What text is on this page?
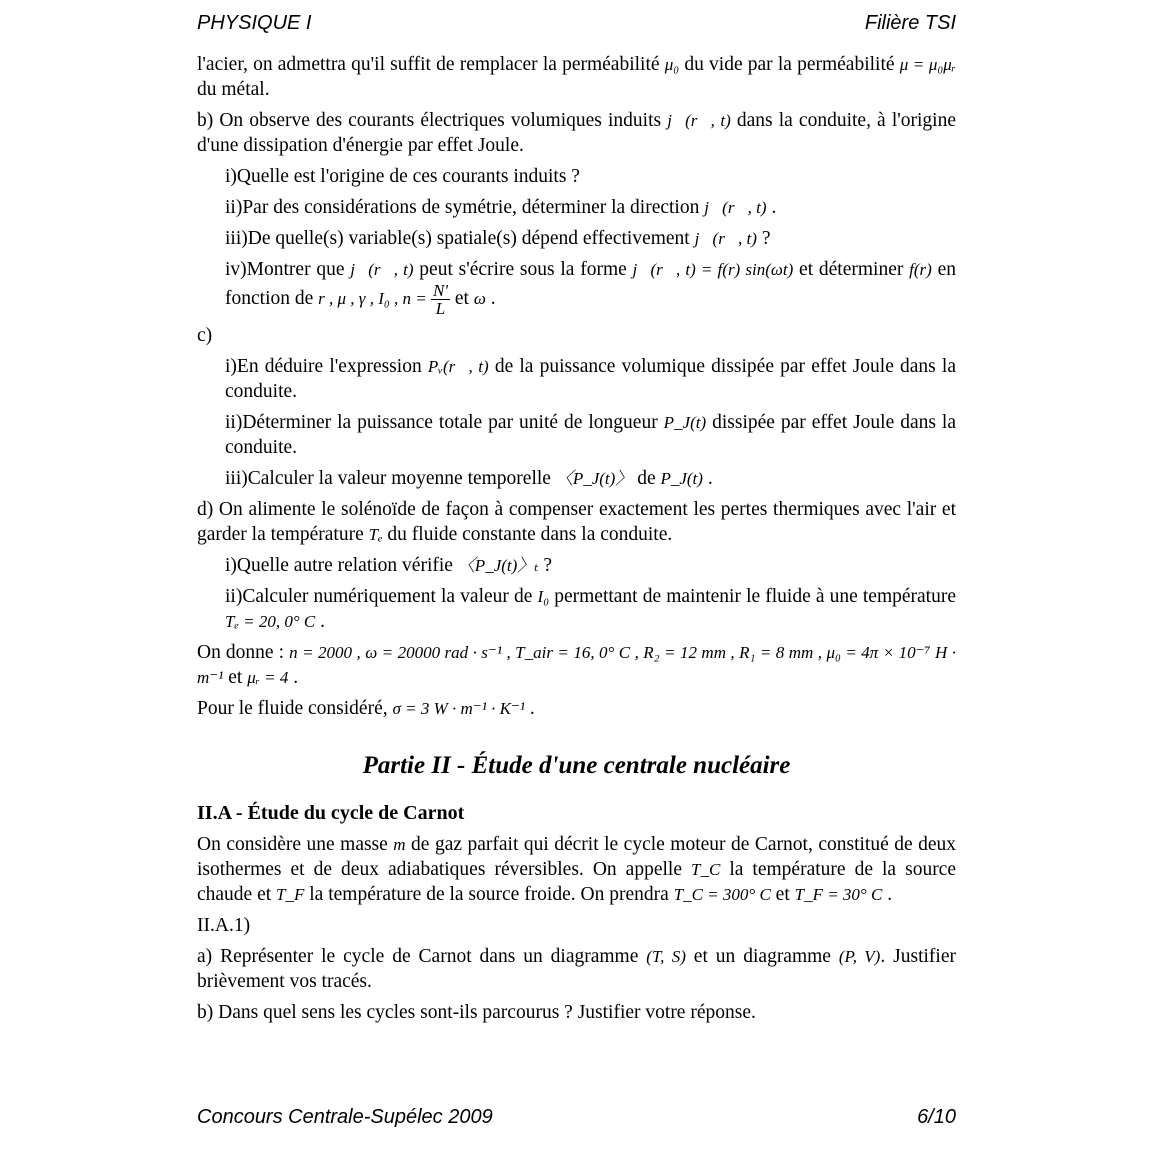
PHYSIQUE I	Filière TSI

l'acier, on admettra qu'il suffit de remplacer la perméabilité μ₀ du vide par la perméabilité μ = μ₀μᵣ du métal.

b) On observe des courants électriques volumiques induits j⃗(r⃗, t) dans la conduite, à l'origine d'une dissipation d'énergie par effet Joule.

i)Quelle est l'origine de ces courants induits ?

ii)Par des considérations de symétrie, déterminer la direction j⃗(r⃗, t) .

iii)De quelle(s) variable(s) spatiale(s) dépend effectivement j⃗(r⃗, t) ?

iv)Montrer que j⃗(r⃗, t) peut s'écrire sous la forme j⃗(r⃗, t) = f(r) sin(ωt) et déterminer f(r) en fonction de r , μ , γ , I₀ , $n = \frac{N'}{L}$ et ω .

c)

i)En déduire l'expression Pᵥ(r⃗, t) de la puissance volumique dissipée par effet Joule dans la conduite.

ii)Déterminer la puissance totale par unité de longueur P_J(t) dissipée par effet Joule dans la conduite.

iii)Calculer la valeur moyenne temporelle 〈P_J(t)〉 de P_J(t) .

d) On alimente le solénoïde de façon à compenser exactement les pertes thermiques avec l'air et garder la température Tₑ du fluide constante dans la conduite.

i)Quelle autre relation vérifie 〈P_J(t)〉ₜ ?

ii)Calculer numériquement la valeur de I₀ permettant de maintenir le fluide à une température Tₑ = 20, 0° C .

On donne : n = 2000 , ω = 20000 rad · s⁻¹ , T_air = 16, 0° C , R₂ = 12 mm , R₁ = 8 mm , μ₀ = 4π × 10⁻⁷ H · m⁻¹ et μᵣ = 4 .

Pour le fluide considéré, σ = 3 W · m⁻¹ · K⁻¹ .

Partie II - Étude d'une centrale nucléaire
II.A - Étude du cycle de Carnot

On considère une masse m de gaz parfait qui décrit le cycle moteur de Carnot, constitué de deux isothermes et de deux adiabatiques réversibles. On appelle T_C la température de la source chaude et T_F la température de la source froide. On prendra T_C = 300° C et T_F = 30° C .

II.A.1)

a) Représenter le cycle de Carnot dans un diagramme (T, S) et un diagramme (P, V). Justifier brièvement vos tracés.

b) Dans quel sens les cycles sont-ils parcourus ? Justifier votre réponse.

Concours Centrale-Supélec 2009	6/10
